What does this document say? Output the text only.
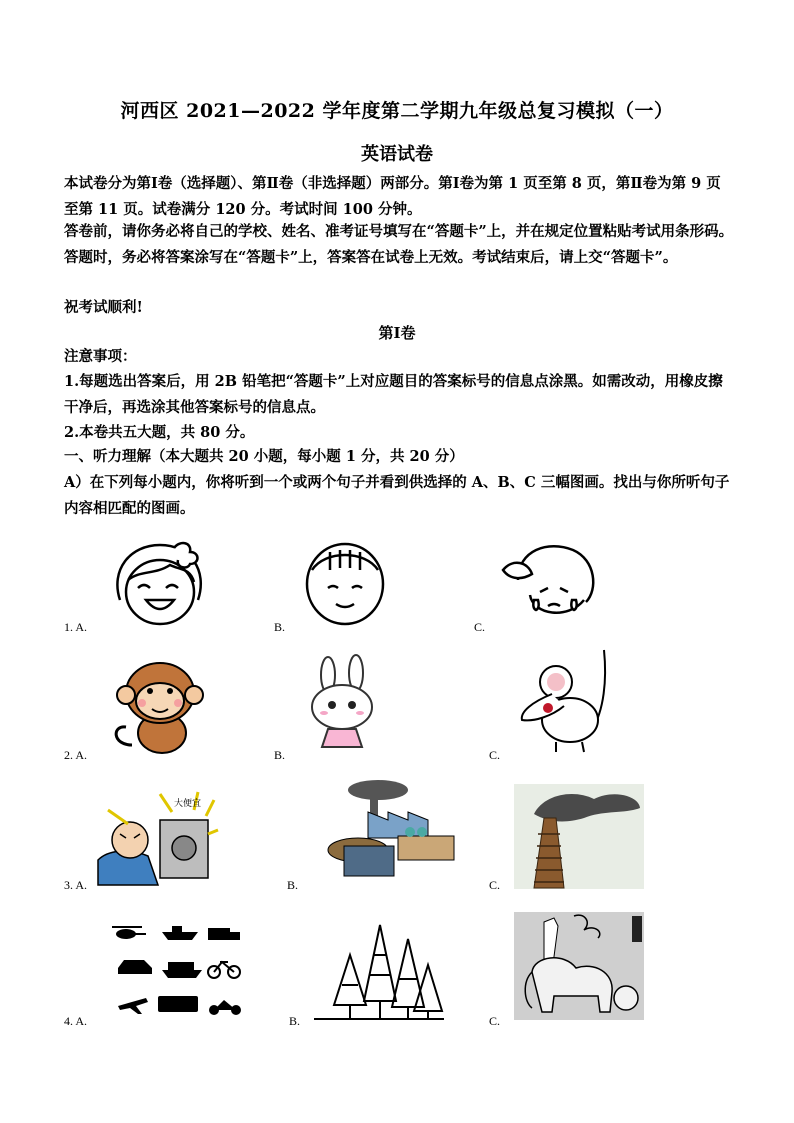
河西区 2021—2022 学年度第二学期九年级总复习模拟（一）
英语试卷
本试卷分为第Ⅰ卷（选择题）、第Ⅱ卷（非选择题）两部分。第Ⅰ卷为第 1 页至第 8 页，第Ⅱ卷为第 9 页至第 11 页。试卷满分 120 分。考试时间 100 分钟。
答卷前，请你务必将自己的学校、姓名、准考证号填写在“答题卡”上，并在规定位置粘贴考试用条形码。答题时，务必将答案涂写在“答题卡”上，答案答在试卷上无效。考试结束后，请上交“答题卡”。
祝考试顺利!
第Ⅰ卷
注意事项：
1.每题选出答案后，用 2B 铅笔把“答题卡”上对应题目的答案标号的信息点涂黑。如需改动，用橡皮擦干净后，再选涂其他答案标号的信息点。
2.本卷共五大题，共 80 分。
一、听力理解（本大题共 20 小题，每小题 1 分，共 20 分）
A）在下列每小题内，你将听到一个或两个句子并看到供选择的 A、B、C 三幅图画。找出与你所听句子内容相匹配的图画。
1. A.	B.	C.
2. A.	B.	C.
3. A.	B.	C.
4. A.	B.	C.
大便宜
